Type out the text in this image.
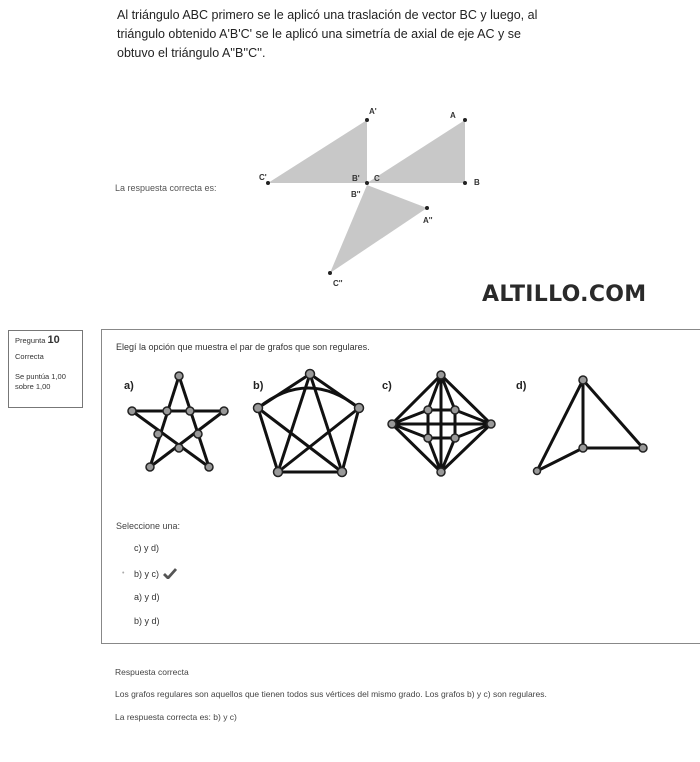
Al triángulo ABC primero se le aplicó una traslación de vector BC y luego, al
triángulo obtenido A'B'C' se le aplicó una simetría de axial de eje AC y se
obtuvo el triángulo A''B''C''.
La respuesta correcta es:
A'	A
C'	B' C	B
B''
A''
C''	ALTILLO.COM
Pregunta 10
Correcta
Se puntúa 1,00
sobre 1,00
Elegí la opción que muestra el par de grafos que son regulares.
a)	b)	c)	d)
Seleccione una:
c) y d)
•	b) y c)
a) y d)
b) y d)
Respuesta correcta
Los grafos regulares son aquellos que tienen todos sus vértices del mismo grado. Los grafos b) y c) son regulares.
La respuesta correcta es: b) y c)
